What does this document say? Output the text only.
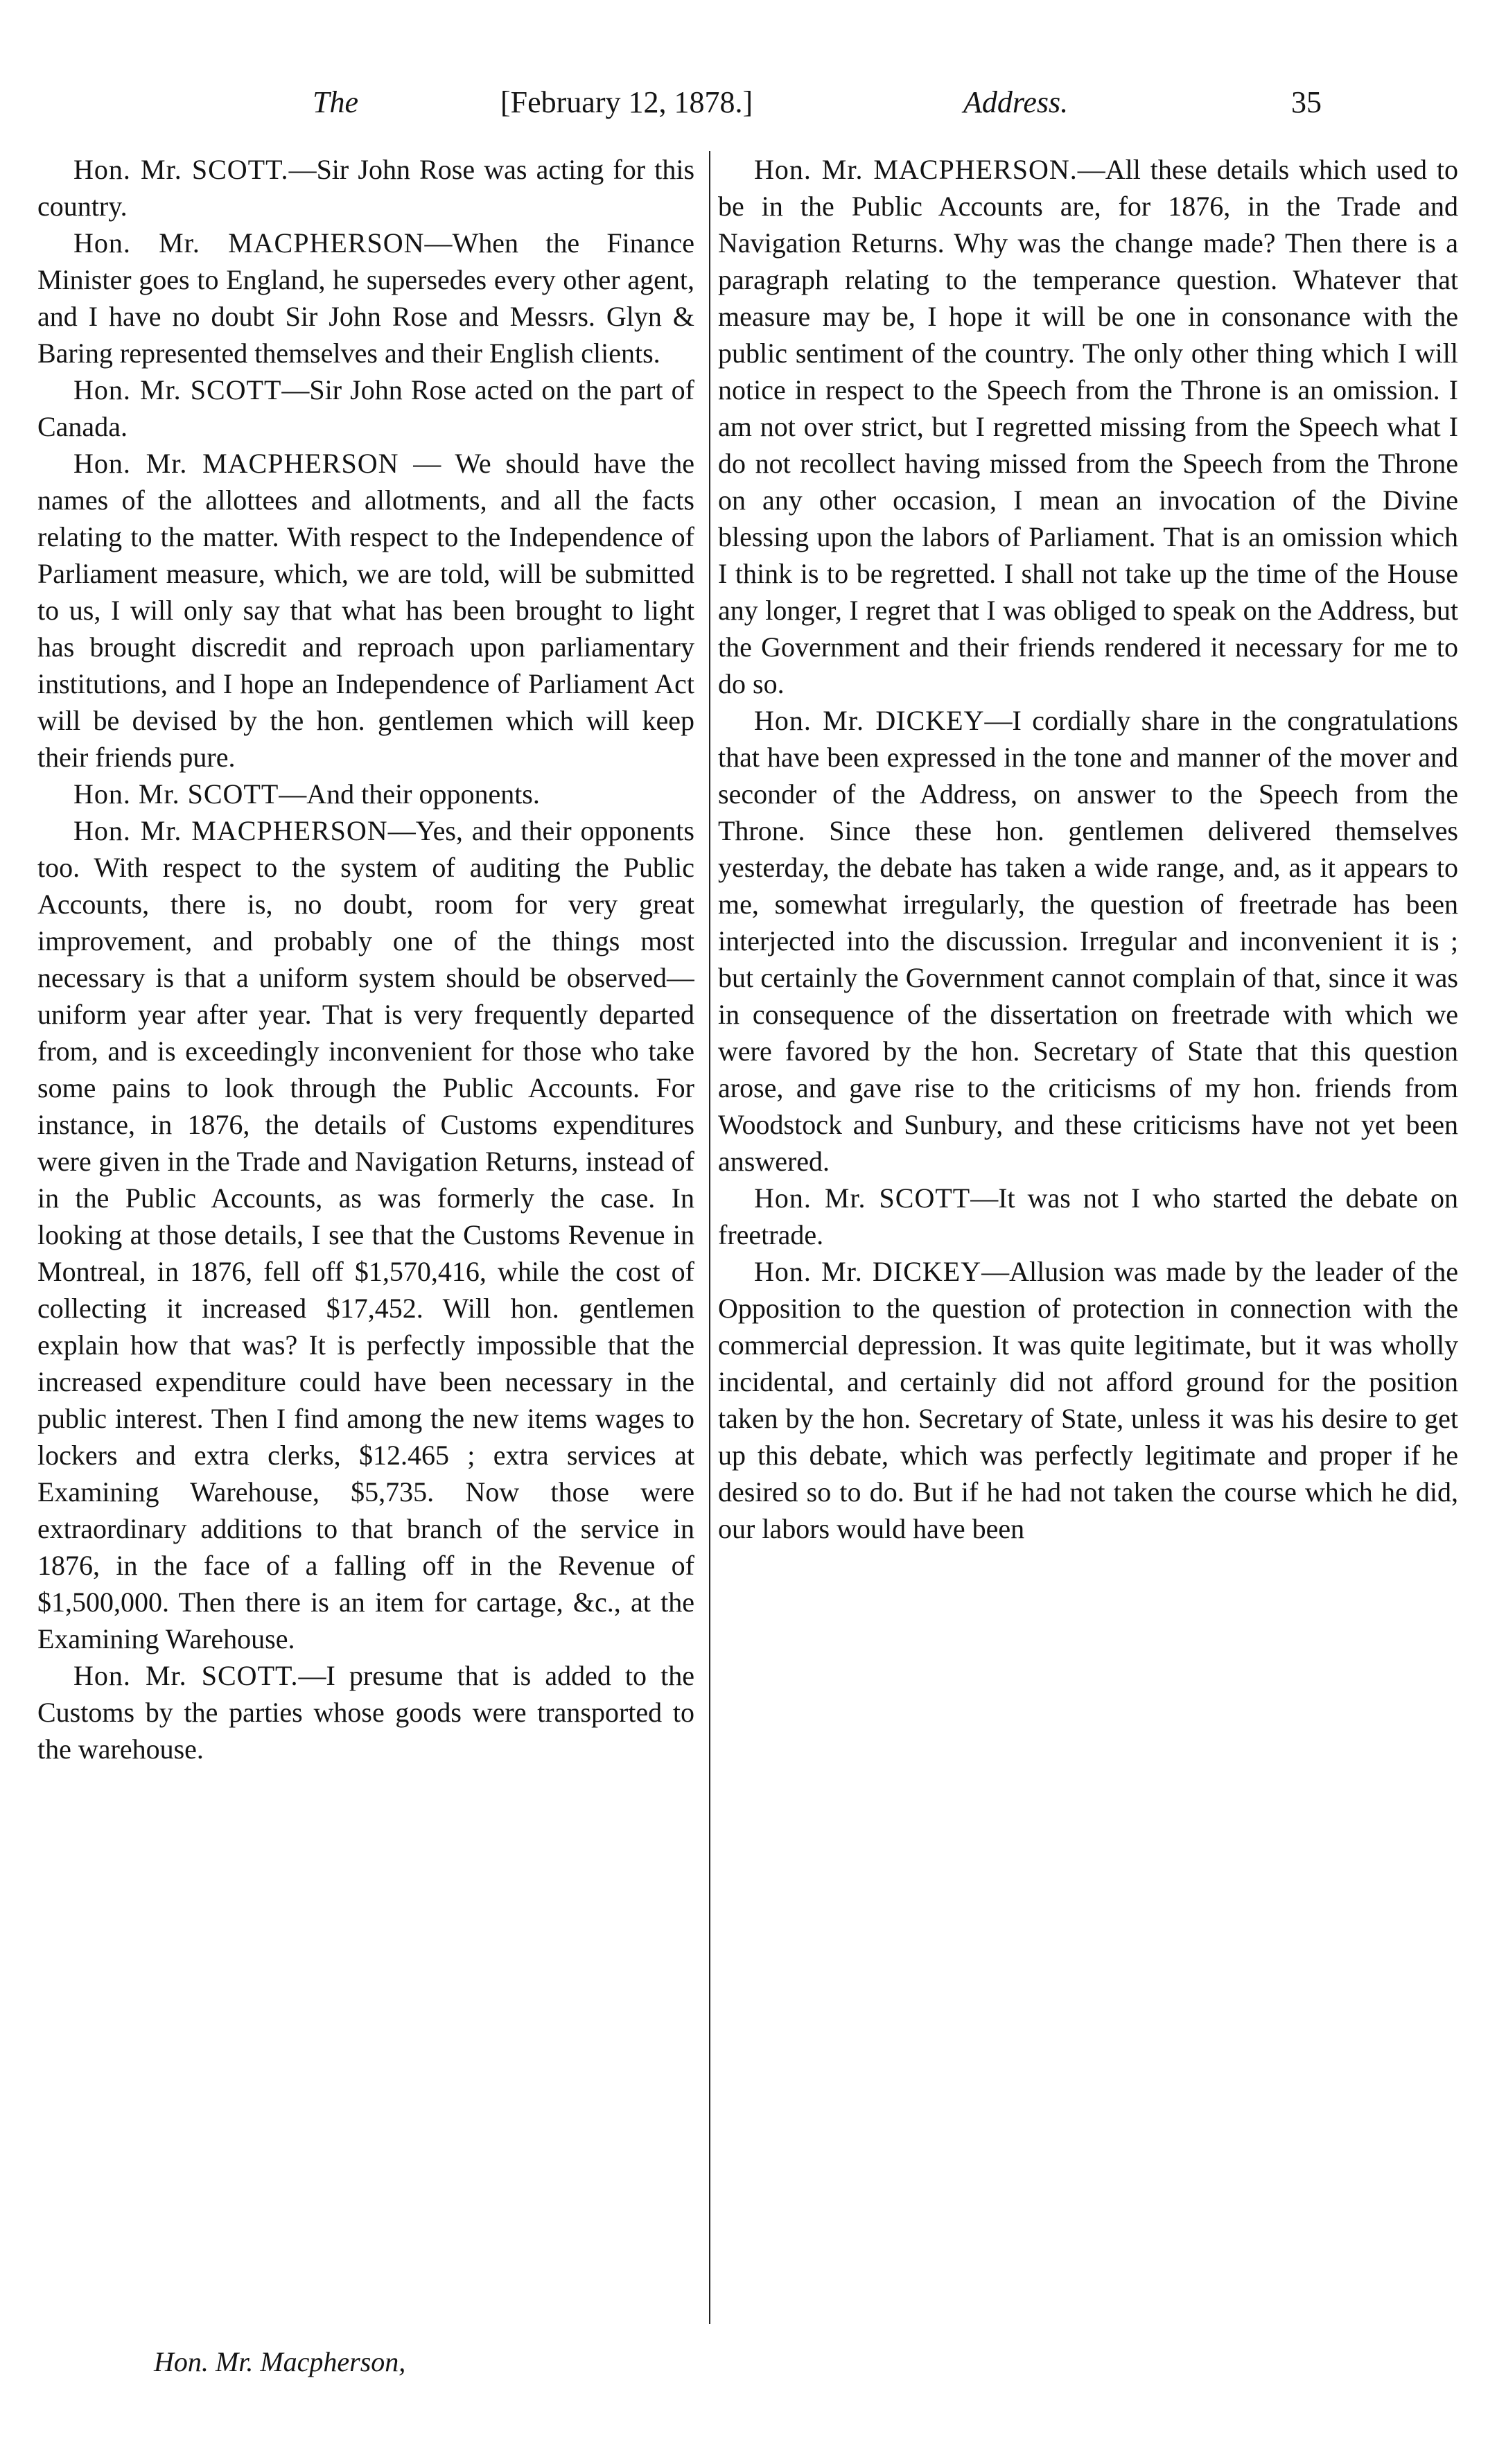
The	[February 12, 1878.]	Address.	35

Hon. Mr. SCOTT.—Sir John Rose was acting for this country.

Hon. Mr. MACPHERSON—When the Finance Minister goes to England, he supersedes every other agent, and I have no doubt Sir John Rose and Messrs. Glyn & Baring represented themselves and their English clients.

Hon. Mr. SCOTT—Sir John Rose acted on the part of Canada.

Hon. Mr. MACPHERSON — We should have the names of the allottees and allotments, and all the facts relating to the matter. With respect to the Independence of Parliament measure, which, we are told, will be submitted to us, I will only say that what has been brought to light has brought discredit and reproach upon parliamentary institutions, and I hope an Independence of Parliament Act will be devised by the hon. gentlemen which will keep their friends pure.

Hon. Mr. SCOTT—And their opponents.

Hon. Mr. MACPHERSON—Yes, and their opponents too. With respect to the system of auditing the Public Accounts, there is, no doubt, room for very great improvement, and probably one of the things most necessary is that a uniform system should be observed—uniform year after year. That is very frequently departed from, and is exceedingly inconvenient for those who take some pains to look through the Public Accounts. For instance, in 1876, the details of Customs expenditures were given in the Trade and Navigation Returns, instead of in the Public Accounts, as was formerly the case. In looking at those details, I see that the Customs Revenue in Montreal, in 1876, fell off $1,570,416, while the cost of collecting it increased $17,452. Will hon. gentlemen explain how that was? It is perfectly impossible that the increased expenditure could have been necessary in the public interest. Then I find among the new items wages to lockers and extra clerks, $12.465 ; extra services at Examining Warehouse, $5,735. Now those were extraordinary additions to that branch of the service in 1876, in the face of a falling off in the Revenue of $1,500,000. Then there is an item for cartage, &c., at the Examining Warehouse.

Hon. Mr. SCOTT.—I presume that is added to the Customs by the parties whose goods were transported to the warehouse.

Hon. Mr. MACPHERSON.—All these details which used to be in the Public Accounts are, for 1876, in the Trade and Navigation Returns. Why was the change made? Then there is a paragraph relating to the temperance question. Whatever that measure may be, I hope it will be one in consonance with the public sentiment of the country. The only other thing which I will notice in respect to the Speech from the Throne is an omission. I am not over strict, but I regretted missing from the Speech what I do not recollect having missed from the Speech from the Throne on any other occasion, I mean an invocation of the Divine blessing upon the labors of Parliament. That is an omission which I think is to be regretted. I shall not take up the time of the House any longer, I regret that I was obliged to speak on the Address, but the Government and their friends rendered it necessary for me to do so.

Hon. Mr. DICKEY—I cordially share in the congratulations that have been expressed in the tone and manner of the mover and seconder of the Address, on answer to the Speech from the Throne. Since these hon. gentlemen delivered themselves yesterday, the debate has taken a wide range, and, as it appears to me, somewhat irregularly, the question of freetrade has been interjected into the discussion. Irregular and inconvenient it is ; but certainly the Government cannot complain of that, since it was in consequence of the dissertation on freetrade with which we were favored by the hon. Secretary of State that this question arose, and gave rise to the criticisms of my hon. friends from Woodstock and Sunbury, and these criticisms have not yet been answered.

Hon. Mr. SCOTT—It was not I who started the debate on freetrade.

Hon. Mr. DICKEY—Allusion was made by the leader of the Opposition to the question of protection in connection with the commercial depression. It was quite legitimate, but it was wholly incidental, and certainly did not afford ground for the position taken by the hon. Secretary of State, unless it was his desire to get up this debate, which was perfectly legitimate and proper if he desired so to do. But if he had not taken the course which he did, our labors would have been

Hon. Mr. Macpherson,
